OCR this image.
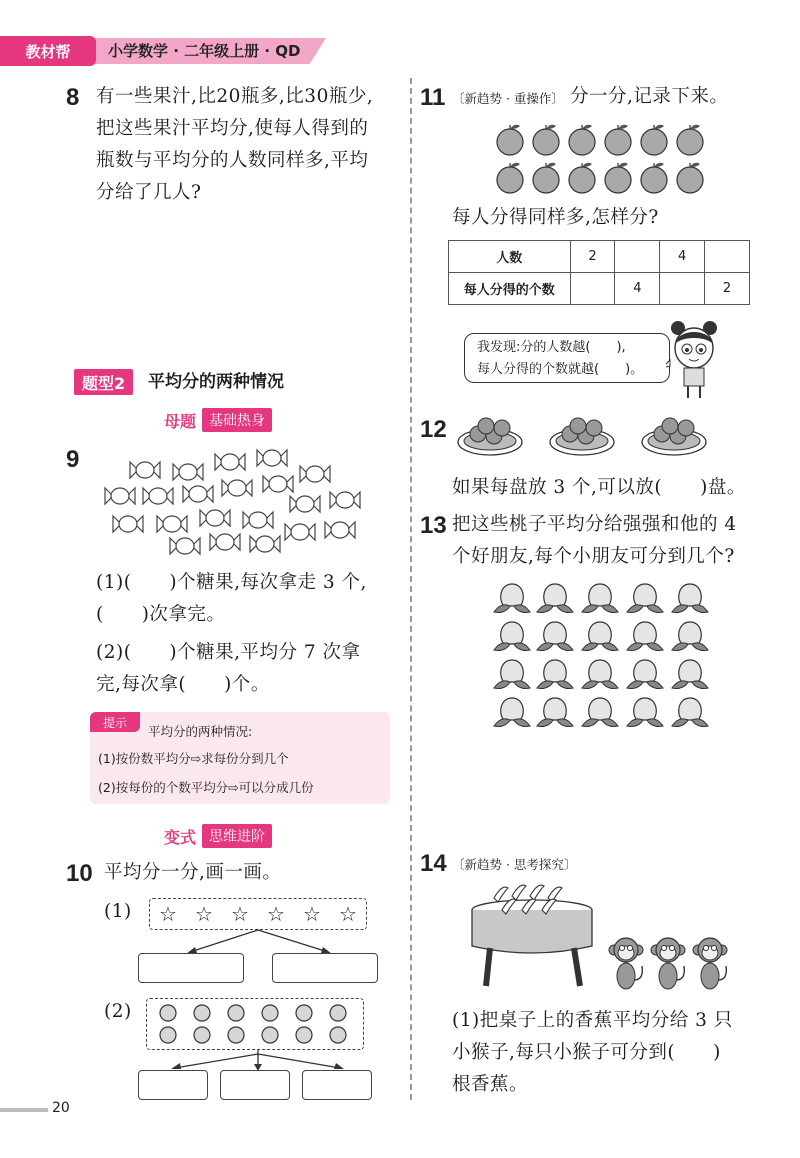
教材帮	小学数学 · 二年级上册 · QD
8 有一些果汁,比20瓶多,比30瓶少,
把这些果汁平均分,使每人得到的
瓶数与平均分的人数同样多,平均
分给了几人?
题型2	平均分的两种情况
母题 基础热身
9
(1)(　　)个糖果,每次拿走 3 个,
(　　)次拿完。
(2)(　　)个糖果,平均分 7 次拿
完,每次拿(　　)个。
提示
平均分的两种情况:
(1)按份数平均分⇨求每份分到几个
(2)按每份的个数平均分⇨可以分成几份
变式 思维进阶
10 平均分一分,画一画。
(1) ☆ ☆ ☆ ☆ ☆ ☆
(2)
11 〔新趋势 · 重操作〕 分一分,记录下来。
每人分得同样多,怎样分?
人数	2		4	
每人分得的个数		4		2
我发现:分的人数越(　　),
每人分得的个数就越(　　)。
12
如果每盘放 3 个,可以放(　　)盘。
13 把这些桃子平均分给强强和他的 4
个好朋友,每个小朋友可分到几个?
14 〔新趋势 · 思考探究〕
(1)把桌子上的香蕉平均分给 3 只
小猴子,每只小猴子可分到(　　)
根香蕉。
20
